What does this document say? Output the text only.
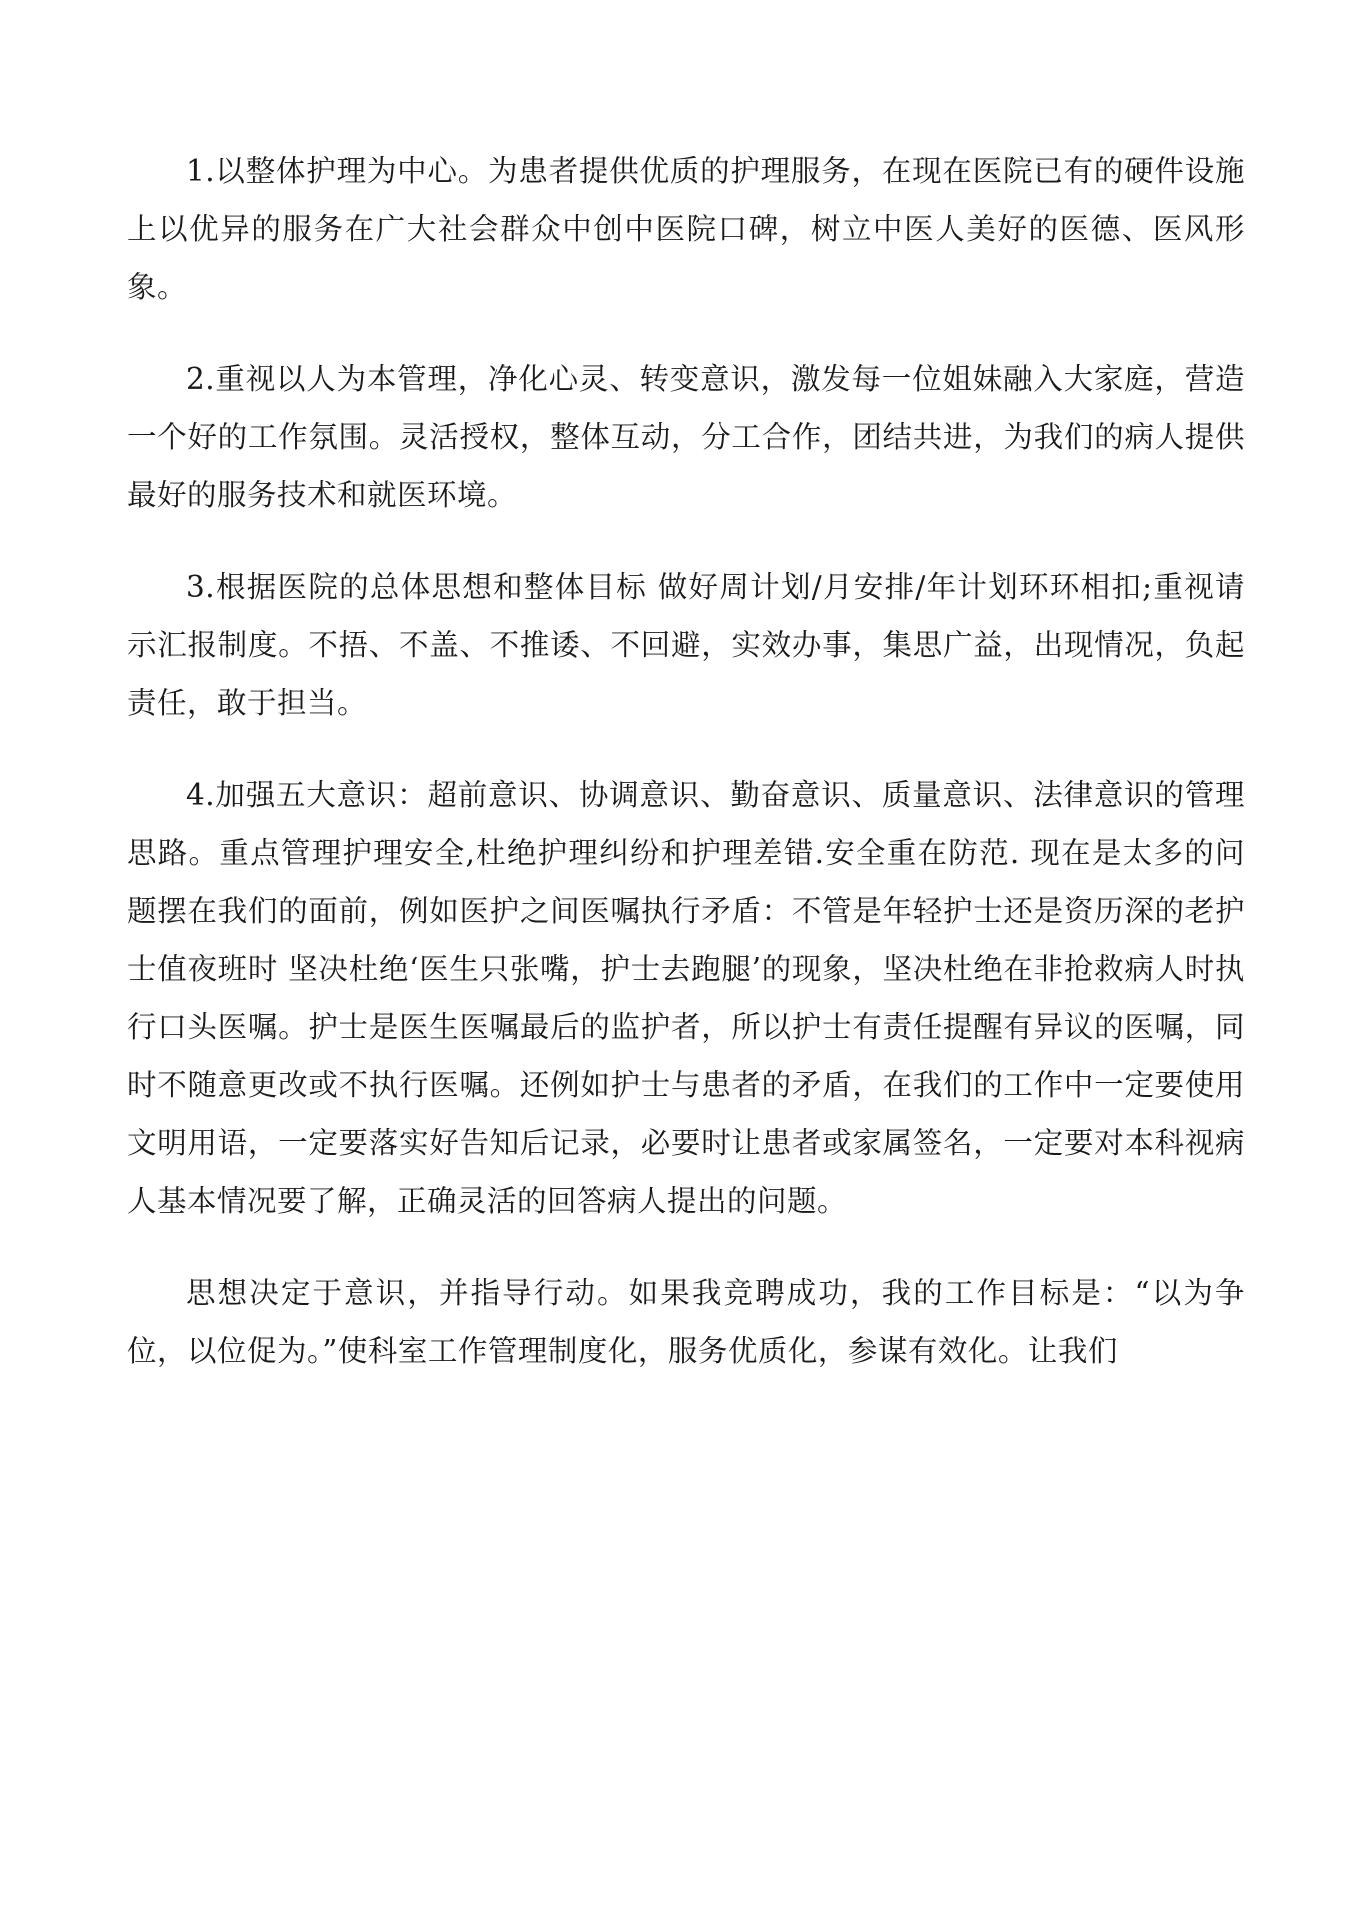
1.以整体护理为中心。为患者提供优质的护理服务，在现在医院已有的硬件设施上以优异的服务在广大社会群众中创中医院口碑，树立中医人美好的医德、医风形象。

2.重视以人为本管理，净化心灵、转变意识，激发每一位姐妹融入大家庭，营造一个好的工作氛围。灵活授权，整体互动，分工合作，团结共进，为我们的病人提供最好的服务技术和就医环境。

3.根据医院的总体思想和整体目标 做好周计划/月安排/年计划环环相扣;重视请示汇报制度。不捂、不盖、不推诿、不回避，实效办事，集思广益，出现情况，负起责任，敢于担当。

4.加强五大意识：超前意识、协调意识、勤奋意识、质量意识、法律意识的管理思路。重点管理护理安全,杜绝护理纠纷和护理差错.安全重在防范. 现在是太多的问题摆在我们的面前，例如医护之间医嘱执行矛盾：不管是年轻护士还是资历深的老护士值夜班时 坚决杜绝‘医生只张嘴，护士去跑腿’的现象，坚决杜绝在非抢救病人时执行口头医嘱。护士是医生医嘱最后的监护者，所以护士有责任提醒有异议的医嘱，同时不随意更改或不执行医嘱。还例如护士与患者的矛盾，在我们的工作中一定要使用文明用语，一定要落实好告知后记录，必要时让患者或家属签名，一定要对本科视病人基本情况要了解，正确灵活的回答病人提出的问题。

思想决定于意识，并指导行动。如果我竞聘成功，我的工作目标是：“以为争位，以位促为。”使科室工作管理制度化，服务优质化，参谋有效化。让我们
